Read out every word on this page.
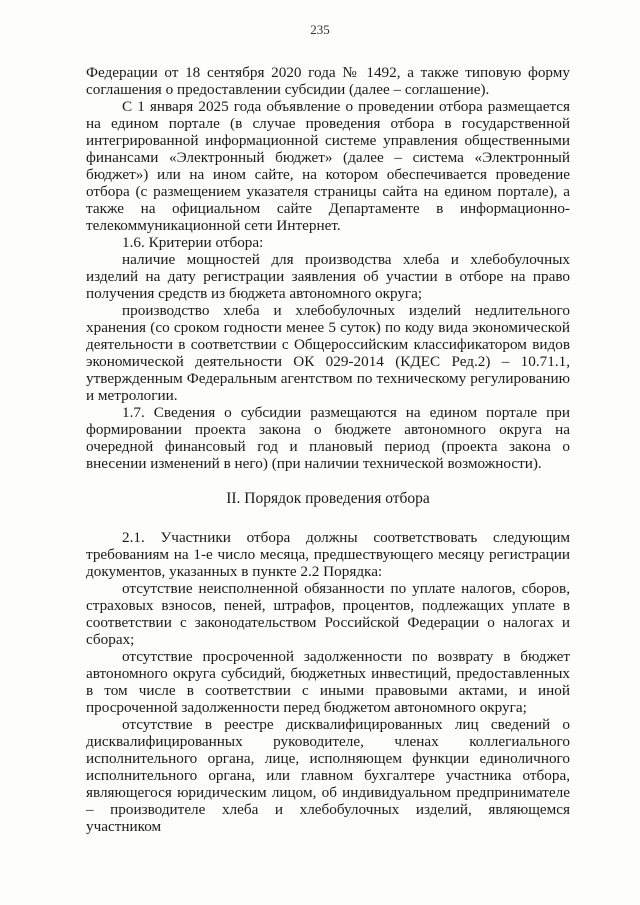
235

Федерации от 18 сентября 2020 года № 1492, а также типовую форму соглашения о предоставлении субсидии (далее – соглашение).

С 1 января 2025 года объявление о проведении отбора размещается на едином портале (в случае проведения отбора в государственной интегрированной информационной системе управления общественными финансами «Электронный бюджет» (далее – система «Электронный бюджет») или на ином сайте, на котором обеспечивается проведение отбора (с размещением указателя страницы сайта на едином портале), а также на официальном сайте Департаменте в информационно-телекоммуникационной сети Интернет.

1.6. Критерии отбора:

наличие мощностей для производства хлеба и хлебобулочных изделий на дату регистрации заявления об участии в отборе на право получения средств из бюджета автономного округа;

производство хлеба и хлебобулочных изделий недлительного хранения (со сроком годности менее 5 суток) по коду вида экономической деятельности в соответствии с Общероссийским классификатором видов экономической деятельности ОК 029-2014 (КДЕС Ред.2) – 10.71.1, утвержденным Федеральным агентством по техническому регулированию и метрологии.

1.7. Сведения о субсидии размещаются на едином портале при формировании проекта закона о бюджете автономного округа на очередной финансовый год и плановый период (проекта закона о внесении изменений в него) (при наличии технической возможности).

II. Порядок проведения отбора

2.1. Участники отбора должны соответствовать следующим требованиям на 1-е число месяца, предшествующего месяцу регистрации документов, указанных в пункте 2.2 Порядка:

отсутствие неисполненной обязанности по уплате налогов, сборов, страховых взносов, пеней, штрафов, процентов, подлежащих уплате в соответствии с законодательством Российской Федерации о налогах и сборах;

отсутствие просроченной задолженности по возврату в бюджет автономного округа субсидий, бюджетных инвестиций, предоставленных в том числе в соответствии с иными правовыми актами, и иной просроченной задолженности перед бюджетом автономного округа;

отсутствие в реестре дисквалифицированных лиц сведений о дисквалифицированных руководителе, членах коллегиального исполнительного органа, лице, исполняющем функции единоличного исполнительного органа, или главном бухгалтере участника отбора, являющегося юридическим лицом, об индивидуальном предпринимателе – производителе хлеба и хлебобулочных изделий, являющемся участником
